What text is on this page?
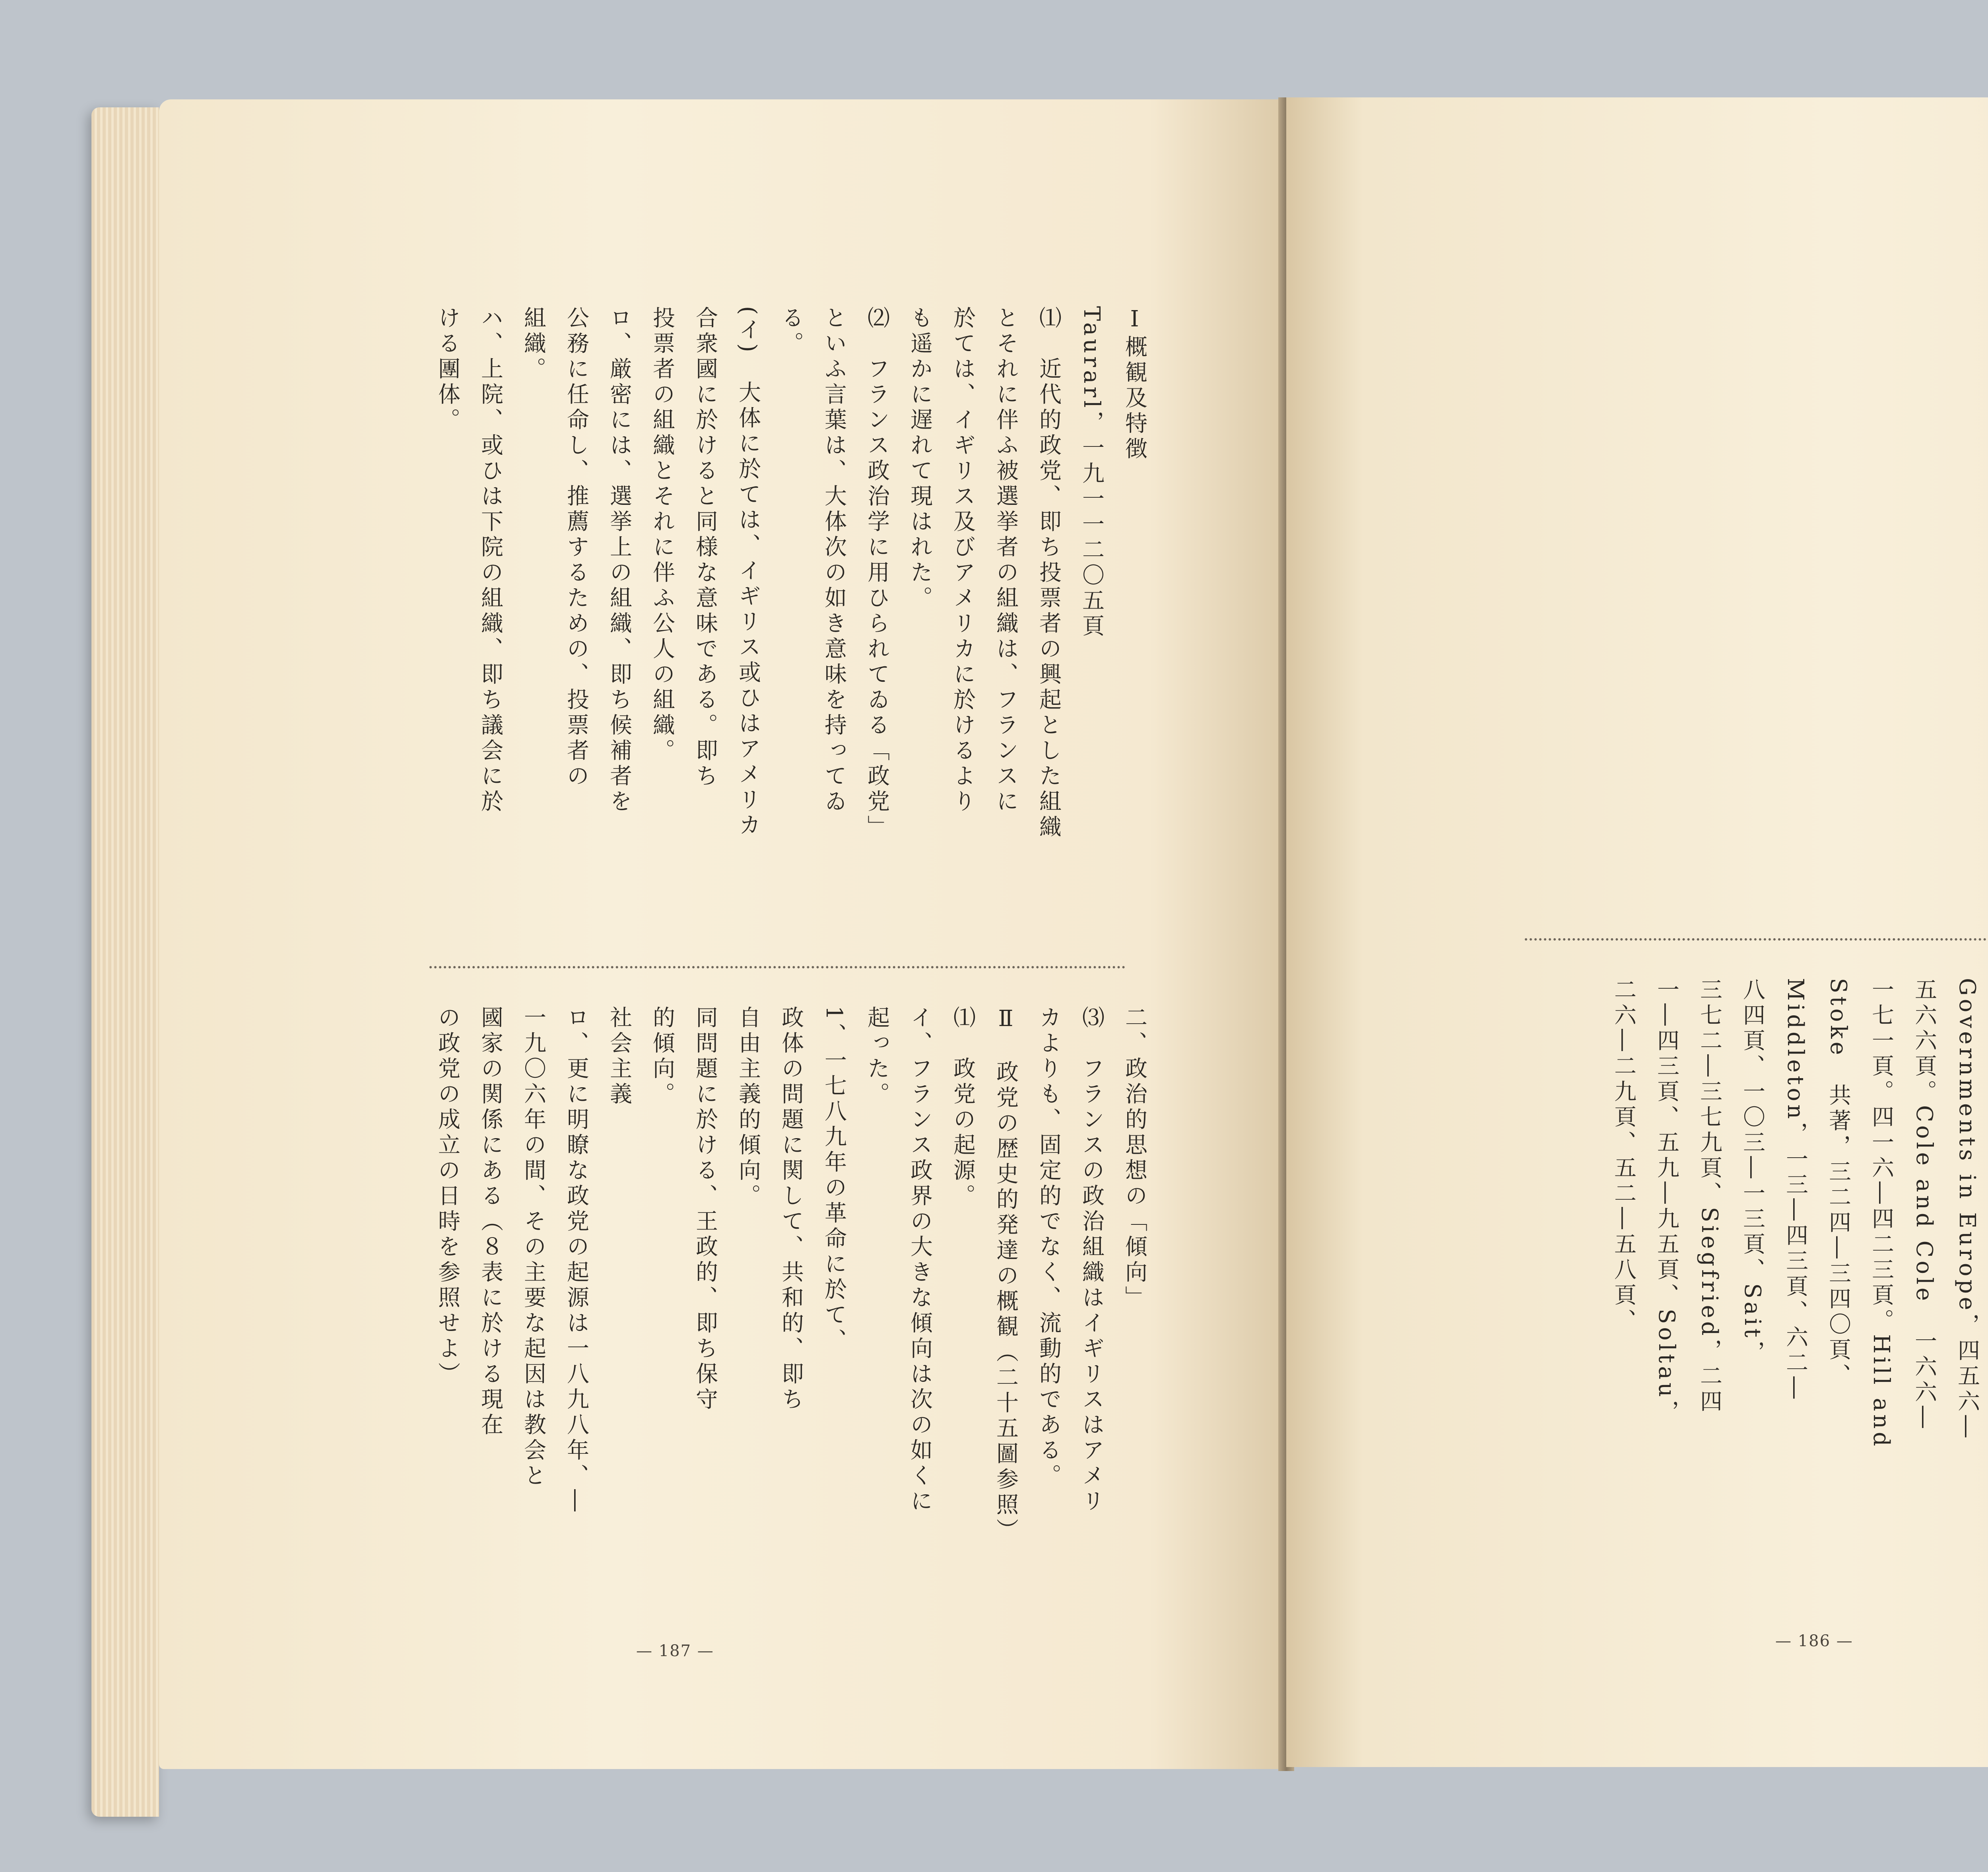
Ⅰ概観及特徴
Taurarl，一九一一二〇五頁
⑴　近代的政党、即ち投票者の興起とした組織
とそれに伴ふ被選挙者の組織は、フランスに
於ては、イギリス及びアメリカに於けるより
も遥かに遅れて現はれた。
⑵　フランス政治学に用ひられてゐる「政党」
といふ言葉は、大体次の如き意味を持ってゐ
る。
(イ)　大体に於ては、イギリス或ひはアメリカ
合衆國に於けると同様な意味である。即ち
投票者の組織とそれに伴ふ公人の組織。
ロ、厳密には、選挙上の組織、即ち候補者を
公務に任命し、推薦するための、投票者の
組織。
ハ、上院、或ひは下院の組織、即ち議会に於
ける團体。
二、政治的思想の「傾向」
⑶　フランスの政治組織はイギリスはアメリ
カよりも、固定的でなく、流動的である。
Ⅱ　政党の歴史的発達の概観（二十五圖参照）
⑴　政党の起源。
イ、フランス政界の大きな傾向は次の如くに
起った。
1、一七八九年の革命に於て、
政体の問題に関して、共和的、即ち
自由主義的傾向。
同問題に於ける、王政的、即ち保守
的傾向。
社会主義
ロ、更に明瞭な政党の起源は一八九八年、―
一九〇六年の間、その主要な起因は教会と
國家の関係にある（８表に於ける現在
の政党の成立の日時を参照せよ）
— 187 —
Governments in Europe，四五六―
五六六頁。Cole and Cole　一六六―
一七一頁。四一六―四二三頁。Hill and
Stoke　共著，三二四―三四〇頁、
Middleton，一三―四三頁、六二―
八四頁、一〇三―一三頁、Sait，
三七二―三七九頁、Siegfried，二四
一―四三頁、五九―九五頁、Soltau，
二六―二九頁、五二―五八頁、
— 186 —
